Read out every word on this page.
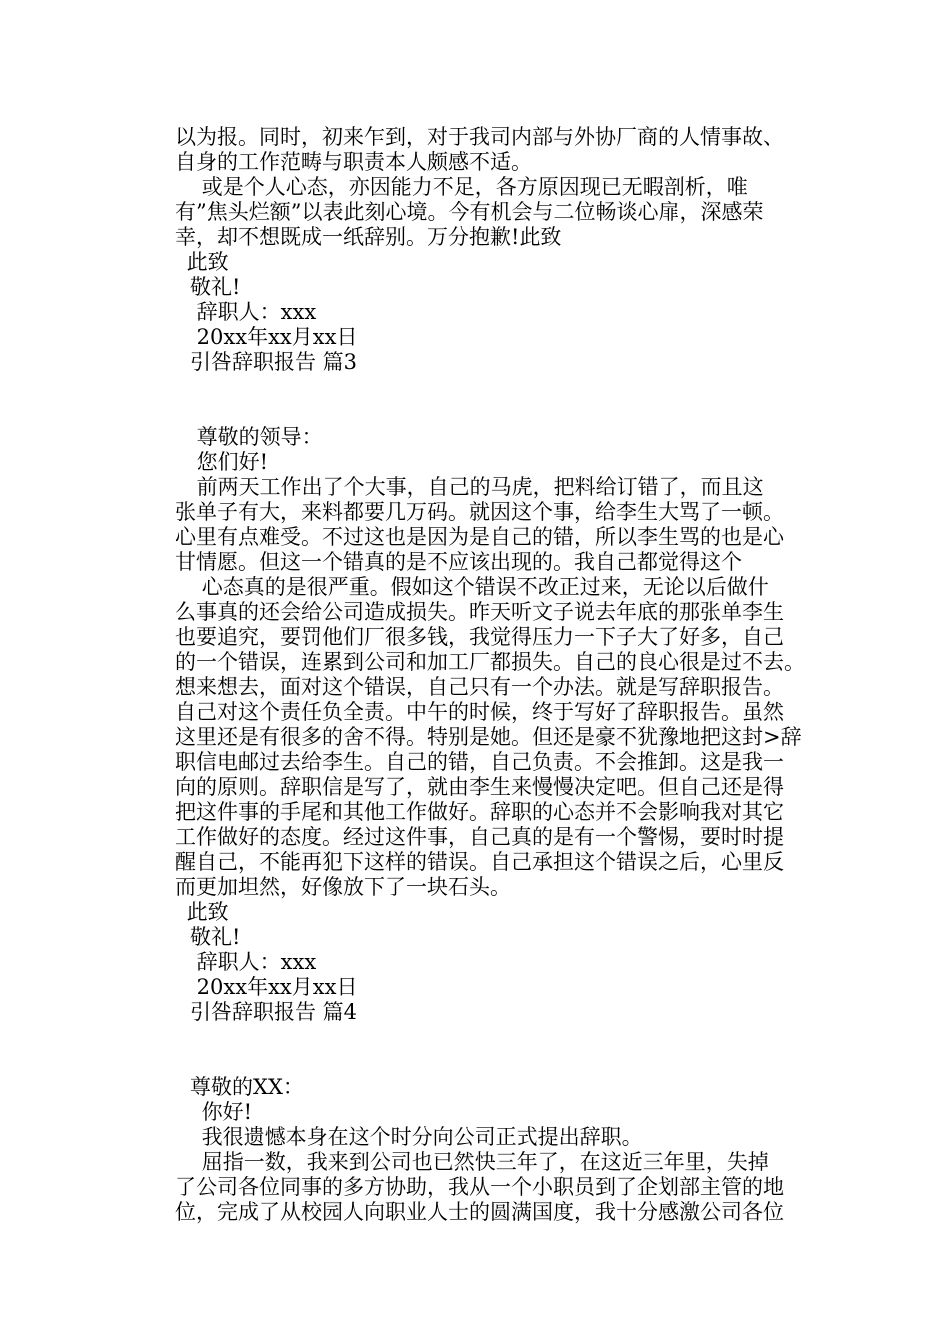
以为报。同时，初来乍到，对于我司内部与外协厂商的人情事故、

自身的工作范畴与职责本人颇感不适。

或是个人心态，亦因能力不足，各方原因现已无暇剖析，唯

有”焦头烂额”以表此刻心境。今有机会与二位畅谈心扉，深感荣

幸，却不想既成一纸辞别。万分抱歉!此致

此致

敬礼!

辞职人：xxx

20xx年xx月xx日

引咎辞职报告 篇3

尊敬的领导：

您们好!

前两天工作出了个大事，自己的马虎，把料给订错了，而且这

张单子有大，来料都要几万码。就因这个事，给李生大骂了一顿。

心里有点难受。不过这也是因为是自己的错，所以李生骂的也是心

甘情愿。但这一个错真的是不应该出现的。我自己都觉得这个

心态真的是很严重。假如这个错误不改正过来，无论以后做什

么事真的还会给公司造成损失。昨天听文子说去年底的那张单李生

也要追究，要罚他们厂很多钱，我觉得压力一下子大了好多，自己

的一个错误，连累到公司和加工厂都损失。自己的良心很是过不去。

想来想去，面对这个错误，自己只有一个办法。就是写辞职报告。

自己对这个责任负全责。中午的时候，终于写好了辞职报告。虽然

这里还是有很多的舍不得。特别是她。但还是豪不犹豫地把这封>辞

职信电邮过去给李生。自己的错，自己负责。不会推卸。这是我一

向的原则。辞职信是写了，就由李生来慢慢决定吧。但自己还是得

把这件事的手尾和其他工作做好。辞职的心态并不会影响我对其它

工作做好的态度。经过这件事，自己真的是有一个警惕，要时时提

醒自己，不能再犯下这样的错误。自己承担这个错误之后，心里反

而更加坦然，好像放下了一块石头。

此致

敬礼!

辞职人：xxx

20xx年xx月xx日

引咎辞职报告 篇4

尊敬的XX：

你好!

我很遗憾本身在这个时分向公司正式提出辞职。

屈指一数，我来到公司也已然快三年了，在这近三年里，失掉

了公司各位同事的多方协助，我从一个小职员到了企划部主管的地

位，完成了从校园人向职业人士的圆满国度，我十分感激公司各位
